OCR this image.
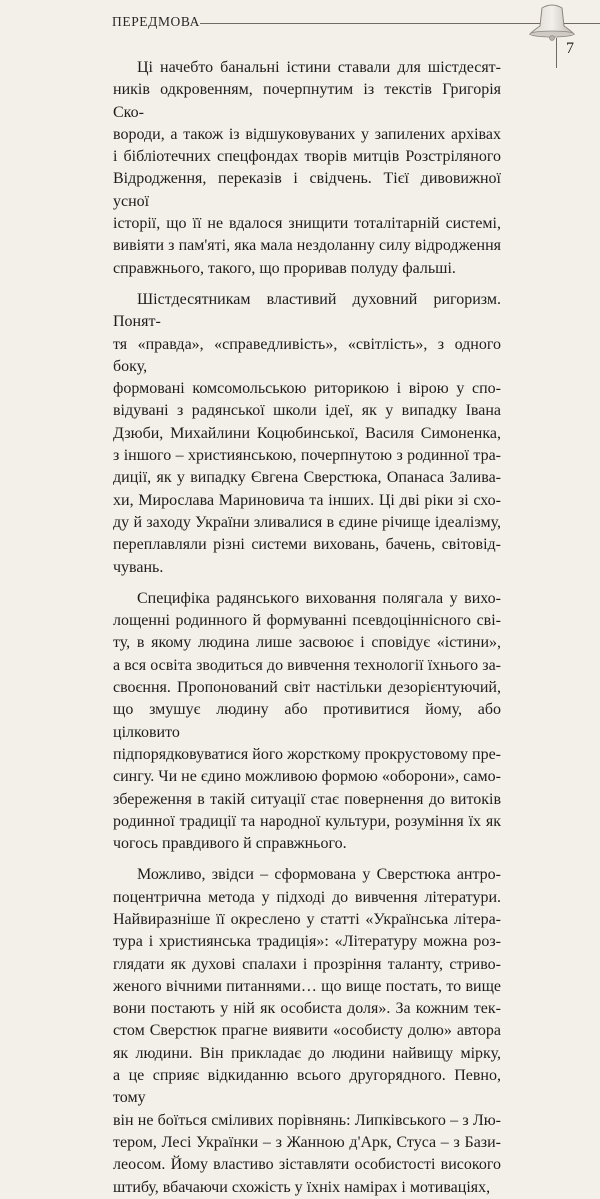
ПЕРЕДМОВА
7

Ці начебто банальні істини ставали для шістдесят-
ників одкровенням, почерпнутим із текстів Григорія Ско-
вороди, а також із відшуковуваних у запилених архівах
і бібліотечних спецфондах творів митців Розстріляного
Відродження, переказів і свідчень. Тієї дивовижної усної
історії, що її не вдалося знищити тоталітарній системі,
вивіяти з пам'яті, яка мала нездоланну силу відродження
справжнього, такого, що проривав полуду фальші.

Шістдесятникам властивий духовний ригоризм. Понят-
тя «правда», «справедливість», «світлість», з одного боку,
формовані комсомольською риторикою і вірою у спо-
відувані з радянської школи ідеї, як у випадку Івана
Дзюби, Михайлини Коцюбинської, Василя Симоненка,
з іншого – християнською, почерпнутою з родинної тра-
диції, як у випадку Євгена Сверстюка, Опанаса Залива-
хи, Мирослава Мариновича та інших. Ці дві ріки зі схо-
ду й заходу України зливалися в єдине річище ідеалізму,
переплавляли різні системи виховань, бачень, світовід-
чувань.

Специфіка радянського виховання полягала у вихо-
лощенні родинного й формуванні псевдоціннісного сві-
ту, в якому людина лише засвоює і сповідує «істини»,
а вся освіта зводиться до вивчення технології їхнього за-
своєння. Пропонований світ настільки дезорієнтуючий,
що змушує людину або противитися йому, або цілковито
підпорядковуватися його жорсткому прокрустовому пре-
сингу. Чи не єдино можливою формою «оборони», само-
збереження в такій ситуації стає повернення до витоків
родинної традиції та народної культури, розуміння їх як
чогось правдивого й справжнього.

Можливо, звідси – сформована у Сверстюка антро-
поцентрична метода у підході до вивчення літератури.
Найвиразніше її окреслено у статті «Українська літера-
тура і християнська традиція»: «Літературу можна роз-
глядати як духові спалахи і прозріння таланту, стриво-
женого вічними питаннями… що вище постать, то вище
вони постають у ній як особиста доля». За кожним тек-
стом Сверстюк прагне виявити «особисту долю» автора
як людини. Він прикладає до людини найвищу мірку,
а це сприяє відкиданню всього другорядного. Певно, тому
він не боїться сміливих порівнянь: Липківського – з Лю-
тером, Лесі Українки – з Жанною д'Арк, Стуса – з Бази-
леосом. Йому властиво зіставляти особистості високого
штибу, вбачаючи схожість у їхніх намірах і мотиваціях,
